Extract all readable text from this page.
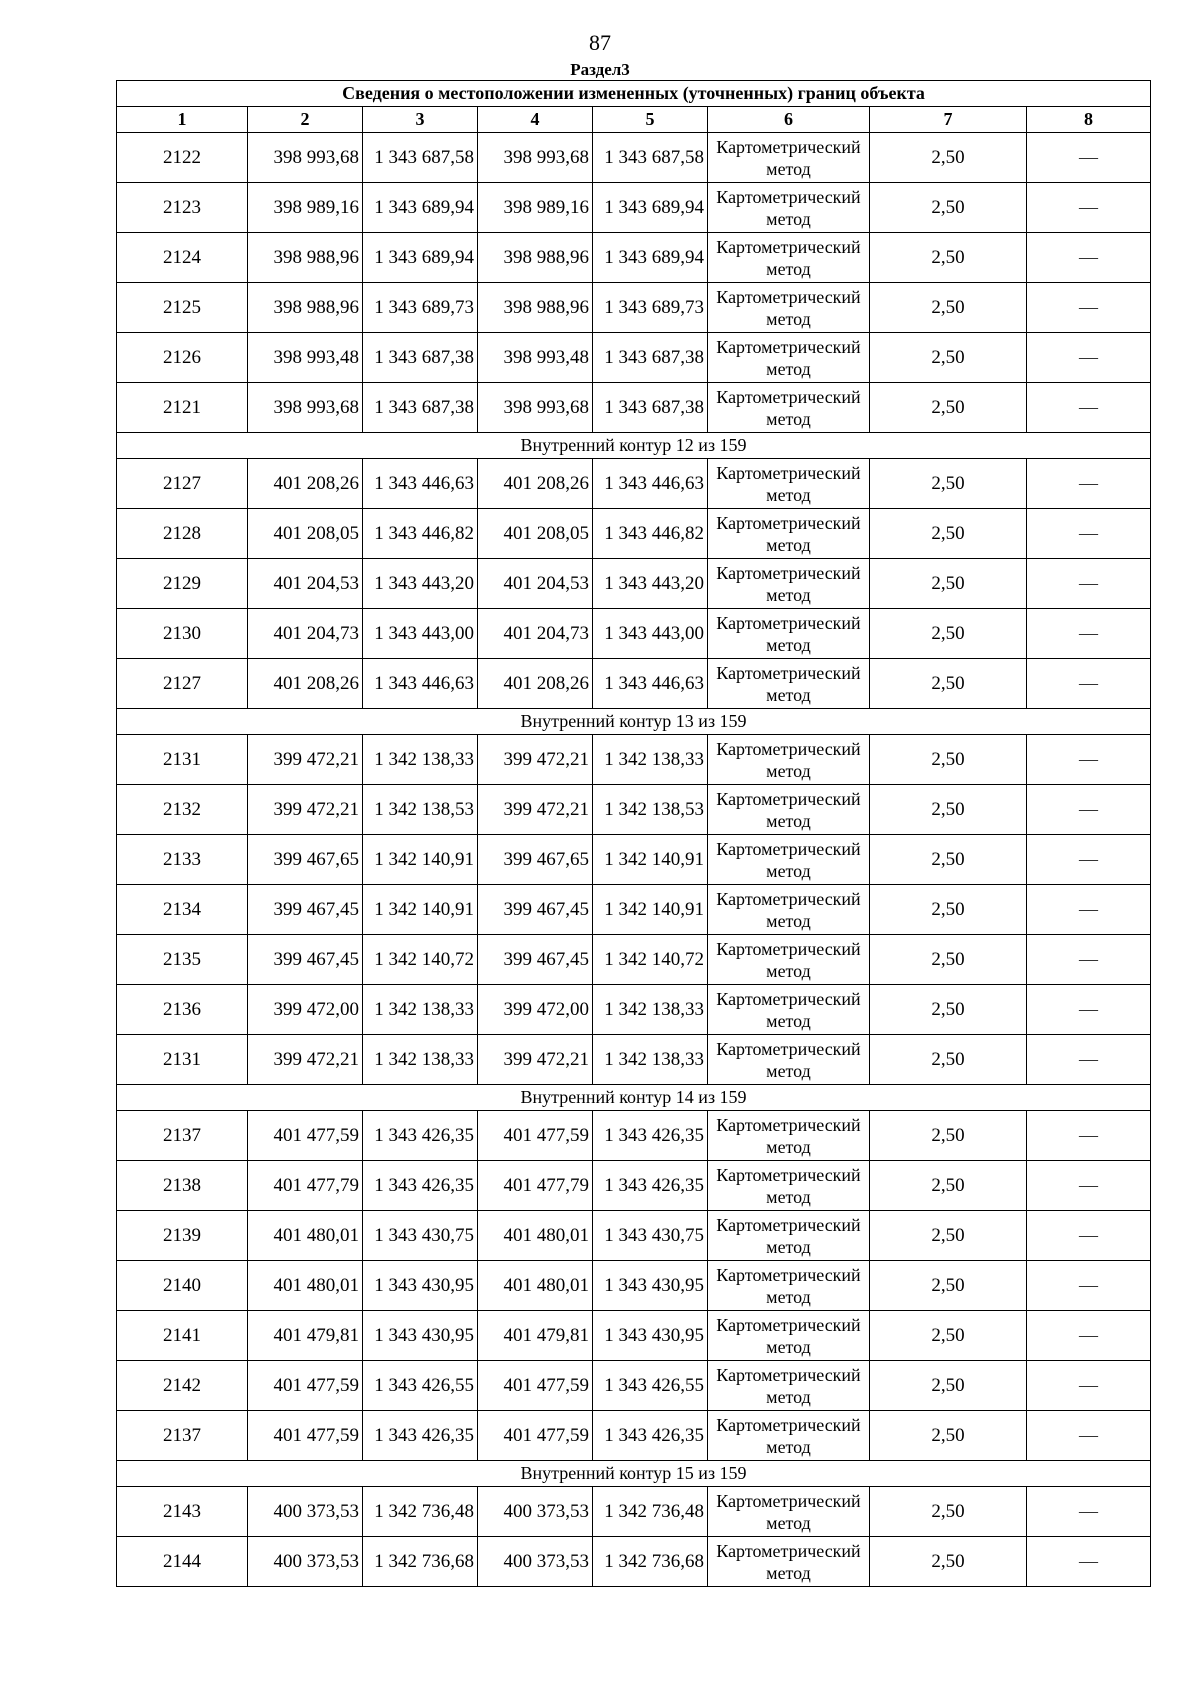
87
Раздел3
Сведения о местоположении измененных (уточненных) границ объекта							
1	2	3	4	5	6	7	8
2122	398 993,68	1 343 687,58	398 993,68	1 343 687,58	Картометрический метод	2,50	—
2123	398 989,16	1 343 689,94	398 989,16	1 343 689,94	Картометрический метод	2,50	—
2124	398 988,96	1 343 689,94	398 988,96	1 343 689,94	Картометрический метод	2,50	—
2125	398 988,96	1 343 689,73	398 988,96	1 343 689,73	Картометрический метод	2,50	—
2126	398 993,48	1 343 687,38	398 993,48	1 343 687,38	Картометрический метод	2,50	—
2121	398 993,68	1 343 687,38	398 993,68	1 343 687,38	Картометрический метод	2,50	—
Внутренний контур 12 из 159							
2127	401 208,26	1 343 446,63	401 208,26	1 343 446,63	Картометрический метод	2,50	—
2128	401 208,05	1 343 446,82	401 208,05	1 343 446,82	Картометрический метод	2,50	—
2129	401 204,53	1 343 443,20	401 204,53	1 343 443,20	Картометрический метод	2,50	—
2130	401 204,73	1 343 443,00	401 204,73	1 343 443,00	Картометрический метод	2,50	—
2127	401 208,26	1 343 446,63	401 208,26	1 343 446,63	Картометрический метод	2,50	—
Внутренний контур 13 из 159							
2131	399 472,21	1 342 138,33	399 472,21	1 342 138,33	Картометрический метод	2,50	—
2132	399 472,21	1 342 138,53	399 472,21	1 342 138,53	Картометрический метод	2,50	—
2133	399 467,65	1 342 140,91	399 467,65	1 342 140,91	Картометрический метод	2,50	—
2134	399 467,45	1 342 140,91	399 467,45	1 342 140,91	Картометрический метод	2,50	—
2135	399 467,45	1 342 140,72	399 467,45	1 342 140,72	Картометрический метод	2,50	—
2136	399 472,00	1 342 138,33	399 472,00	1 342 138,33	Картометрический метод	2,50	—
2131	399 472,21	1 342 138,33	399 472,21	1 342 138,33	Картометрический метод	2,50	—
Внутренний контур 14 из 159							
2137	401 477,59	1 343 426,35	401 477,59	1 343 426,35	Картометрический метод	2,50	—
2138	401 477,79	1 343 426,35	401 477,79	1 343 426,35	Картометрический метод	2,50	—
2139	401 480,01	1 343 430,75	401 480,01	1 343 430,75	Картометрический метод	2,50	—
2140	401 480,01	1 343 430,95	401 480,01	1 343 430,95	Картометрический метод	2,50	—
2141	401 479,81	1 343 430,95	401 479,81	1 343 430,95	Картометрический метод	2,50	—
2142	401 477,59	1 343 426,55	401 477,59	1 343 426,55	Картометрический метод	2,50	—
2137	401 477,59	1 343 426,35	401 477,59	1 343 426,35	Картометрический метод	2,50	—
Внутренний контур 15 из 159							
2143	400 373,53	1 342 736,48	400 373,53	1 342 736,48	Картометрический метод	2,50	—
2144	400 373,53	1 342 736,68	400 373,53	1 342 736,68	Картометрический метод	2,50	—
